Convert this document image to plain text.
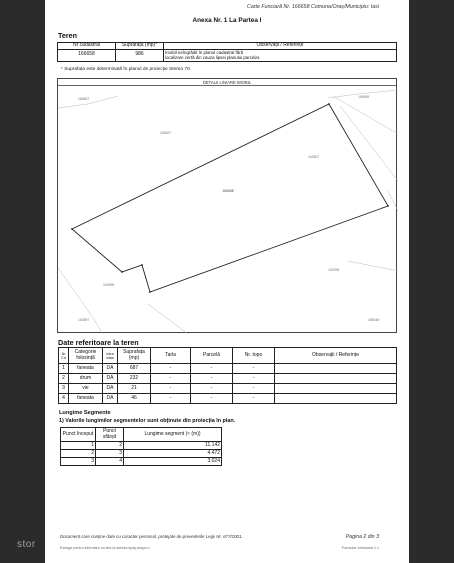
Carte Funciară Nr. 166658 Comuna/Oraș/Municipiu: Iasi
Anexa Nr. 1 La Partea I
Teren
Nr cadastral	Suprafața (mp)*	Observații / Referințe
166658	986	Imobil neîngrădit în planul cadastral fără
localizare certă din cauza lipsei planului parcelar.
* Suprafața este determinată în planul de proiecție Stereo 70.
DETALII LINIARE IMOBIL
166658
166657
155697
156959
154998
152098
164897	158448
163807
Date referitoare la teren
Nr Crt	Categorie folosință	Intra vilan	Suprafața (mp)	Tarla	Parcelă	Nr. topo	Observații / Referințe
1	faneata	DA	687	-	-	-	
2	drum	DA	232	-	-	-	
3	vie	DA	21	-	-	-	
4	faneata	DA	46	-	-	-	
Lungime Segmente
1) Valorile lungimilor segmentelor sunt obținute din proiecția în plan.
Punct început	Punct sfârșit	Lungime segment (≈ (m))
1	2	11.142
2	3	4.472
3	4	3.024
Document care conține date cu caracter personal, protejate de prevederile Legii Nr. 677/2001.	Pagina 2 din 3
Extrage pentru informare on-line la adresa epay.ancpi.ro	Formular versiunea 1.1
stor
